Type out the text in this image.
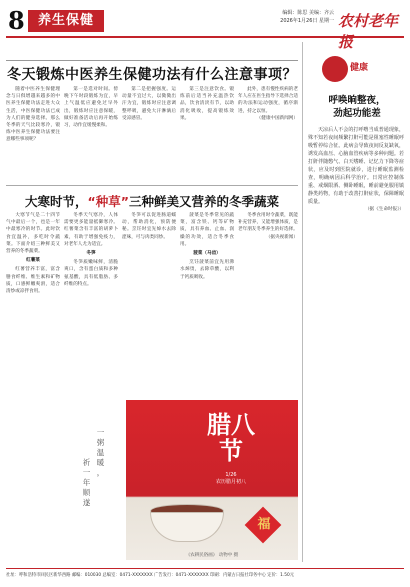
8	养生保健	编辑：陈思 美编：齐云
2026年1月26日 星期一 农村老年报
冬天锻炼中医养生保健功法有什么注意事项？

随着中医养生保健理念与日俱增越来越多的中医养生保健功法走进大众生活，中医保健功法已成为人们的健身选择。那么冬季的天气比较寒冷，锻炼中医养生保健功法要注意哪些事项呢？

第一是选对时间。傍晚下午时段锻炼为宜，早上气温低应避免过早外出，锻炼时应注意保暖，做好准备活动后再开始练习，动作宜缓慢柔和。

第二是把握强度。运动量不宜过大，以微微出汗为宜，锻炼时应注意调整呼吸，避免大汗淋漓后受凉感冒。

第三是注意饮食。锻炼前后适当补充温热饮品，饮食清淡有节，以助消化吸收，提高锻炼效果。

此外，患有慢性疾病的老年人应在医生指导下选择合适的功法和运动强度，循序渐进，持之以恒。

（健康中国新闻网）
大寒时节，“种草”三种鲜美又营养的冬季蔬菜

大寒节气是二十四节气中最后一个，也是一年中最寒冷的时节。此时饮食宜温补，多吃时令蔬菜。下面介绍三种鲜美又营养的冬季蔬菜。

红薯菜

红薯营养丰富，富含膳食纤维、维生素和矿物质，口感鲜嫩爽滑，适合清炒或凉拌食用。

冬季天气寒冷，人体需要更多能量抵御寒冷。红薯菜含有丰富的胡萝卜素，有助于增强免疫力，对老年人尤为适宜。

冬笋

冬笋质嫩味鲜，清脆爽口，含有蛋白质和多种氨基酸，具有低脂肪、多纤维的特点。

冬笋可以促进肠道蠕动，帮助消化，预防便秘。烹饪时宜先焯水去除涩味，可与肉类同炒。

菠菜是冬季常见的蔬菜，富含铁、钙等矿物质，具有养血、止血、润燥的功效，适合冬季食用。

菠菜（马齿）

烹饪菠菜前宜先用沸水焯烫，去除草酸，以利于钙质吸收。

冬季食用时令蔬菜，既能补充营养，又能增强体质，是老年朋友冬季养生的好选择。

（据央视新闻）
一
粥
温
暖
，
祈
一
年
顺
遂
腊八节
1/26
农历腊月初八
福
《农耕民俗画》 动物中 摄
健康
呼唤晌整夜，
劲起功能差

天凉后人不会的打呼噜当成普通现象，殊不知若夜间频繁打鼾可能是阻塞性睡眠呼吸暂停综合征。此病会导致夜间反复缺氧，诱发高血压、心脑血管疾病等多种问题。若打鼾伴随憋气、白天嗜睡、记忆力下降等症状，应及时到医院就诊，进行睡眠监测检查，明确病因后科学治疗。日常应控制体重、戒烟限酒、侧卧睡眠，睡前避免服用镇静类药物，有助于改善打鼾症状，保障睡眠质量。

（据《生命时报》）
社址：呼和浩特市回民区新华西路 邮编：010030 总编室：0471-XXXXXXX 广告发行：0471-XXXXXXX 印刷：内蒙古日报社印务中心 定价：1.50元
